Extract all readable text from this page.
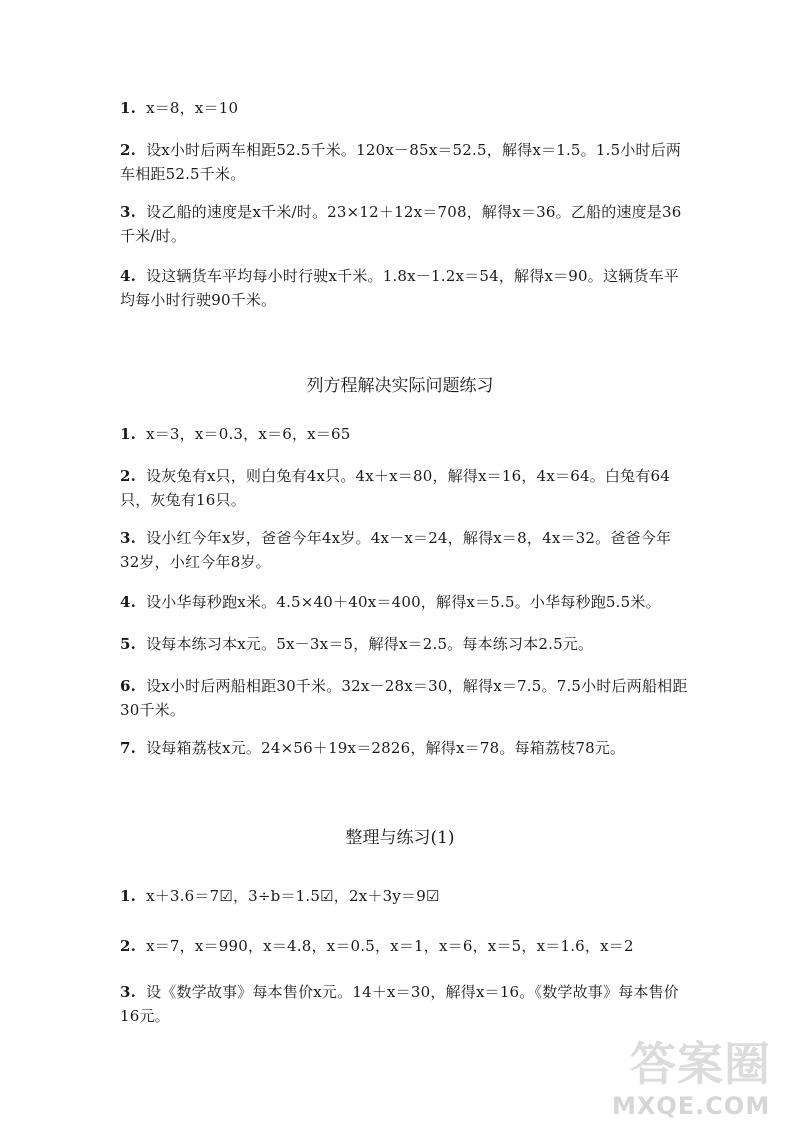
1. x＝8，x＝10

2. 设x小时后两车相距52.5千米。120x－85x＝52.5，解得x＝1.5。1.5小时后两车相距52.5千米。

3. 设乙船的速度是x千米/时。23×12＋12x＝708，解得x＝36。乙船的速度是36千米/时。

4. 设这辆货车平均每小时行驶x千米。1.8x－1.2x＝54，解得x＝90。这辆货车平均每小时行驶90千米。

列方程解决实际问题练习

1. x＝3，x＝0.3，x＝6，x＝65

2. 设灰兔有x只，则白兔有4x只。4x＋x＝80，解得x＝16，4x＝64。白兔有64只，灰兔有16只。

3. 设小红今年x岁，爸爸今年4x岁。4x－x＝24，解得x＝8，4x＝32。爸爸今年32岁，小红今年8岁。

4. 设小华每秒跑x米。4.5×40＋40x＝400，解得x＝5.5。小华每秒跑5.5米。

5. 设每本练习本x元。5x－3x＝5，解得x＝2.5。每本练习本2.5元。

6. 设x小时后两船相距30千米。32x－28x＝30，解得x＝7.5。7.5小时后两船相距30千米。

7. 设每箱荔枝x元。24×56＋19x＝2826，解得x＝78。每箱荔枝78元。

整理与练习(1)

1. x＋3.6＝7☑，3÷b＝1.5☑，2x＋3y＝9☑

2. x＝7，x＝990，x＝4.8，x＝0.5，x＝1，x＝6，x＝5，x＝1.6，x＝2

3. 设《数学故事》每本售价x元。14＋x＝30，解得x＝16。《数学故事》每本售价16元。

答案圈
MXQE.COM
